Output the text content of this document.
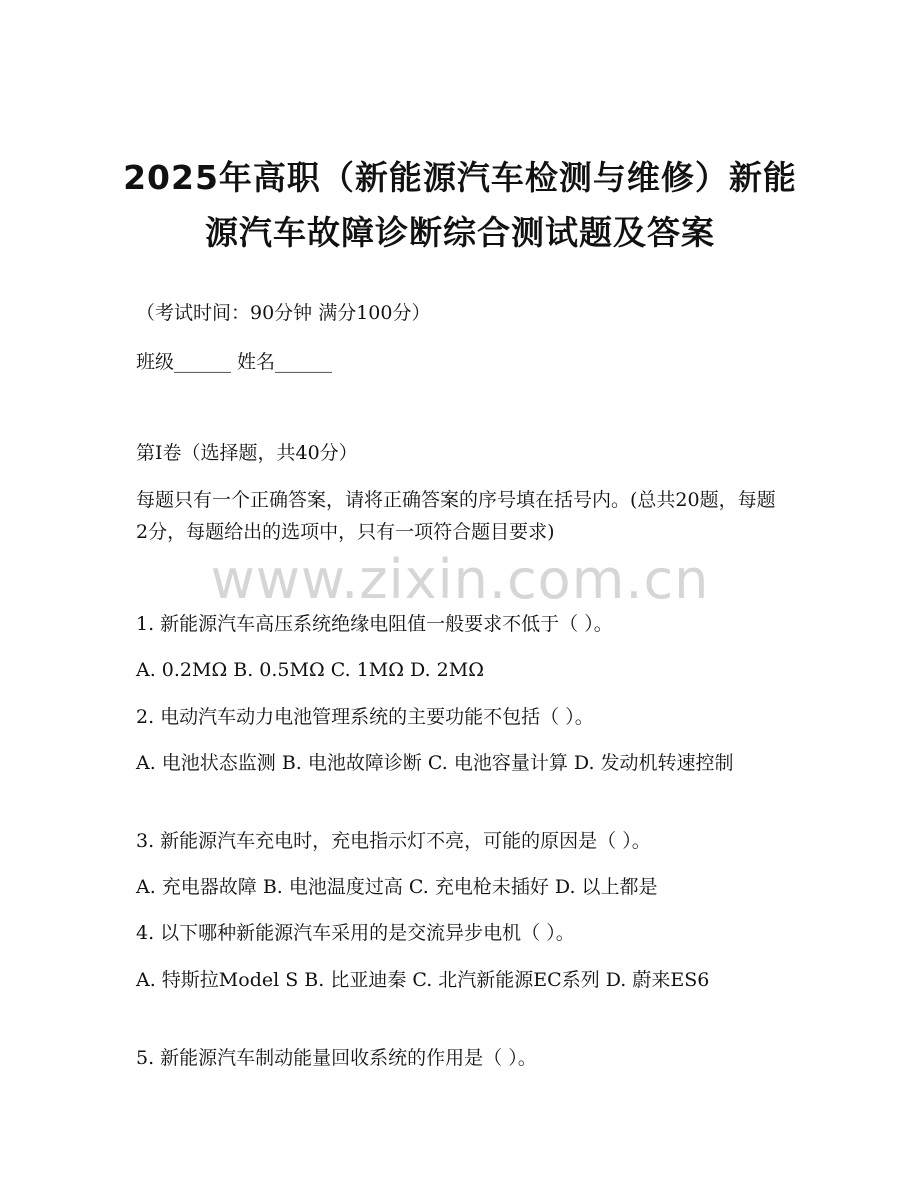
www.zixin.com.cn
2025年高职（新能源汽车检测与维修）新能
源汽车故障诊断综合测试题及答案

（考试时间：90分钟 满分100分）

班级______ 姓名______

第Ⅰ卷（选择题，共40分）

每题只有一个正确答案，请将正确答案的序号填在括号内。(总共20题，每题2分，每题给出的选项中，只有一项符合题目要求)

1. 新能源汽车高压系统绝缘电阻值一般要求不低于（ ）。

A. 0.2MΩ B. 0.5MΩ C. 1MΩ D. 2MΩ

2. 电动汽车动力电池管理系统的主要功能不包括（ ）。

A. 电池状态监测 B. 电池故障诊断 C. 电池容量计算 D. 发动机转速控制

3. 新能源汽车充电时，充电指示灯不亮，可能的原因是（ ）。

A. 充电器故障 B. 电池温度过高 C. 充电枪未插好 D. 以上都是

4. 以下哪种新能源汽车采用的是交流异步电机（ ）。

A. 特斯拉Model S B. 比亚迪秦 C. 北汽新能源EC系列 D. 蔚来ES6

5. 新能源汽车制动能量回收系统的作用是（ ）。
